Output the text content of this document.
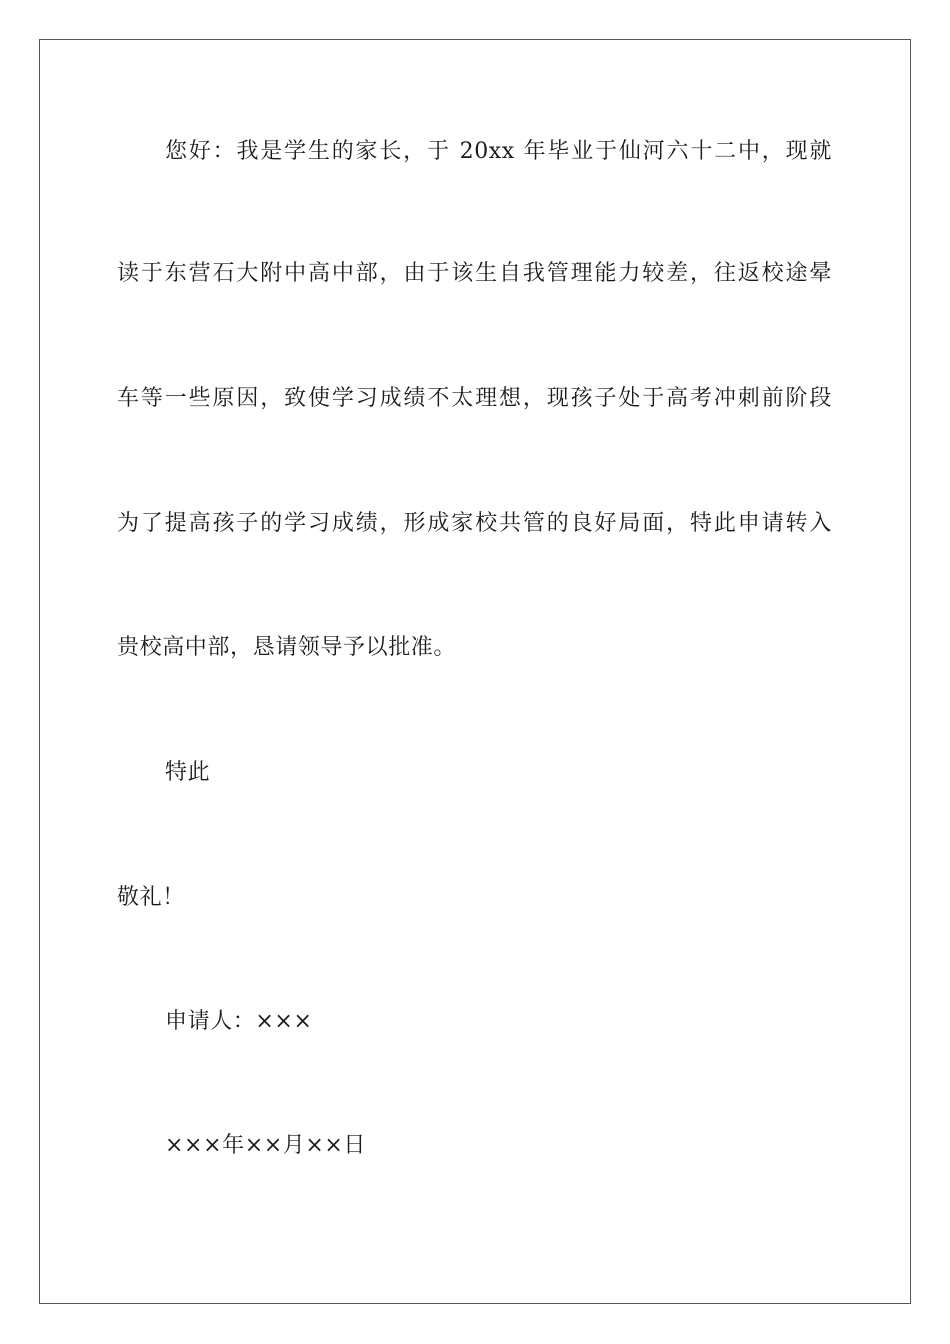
您好：我是学生的家长，于 20xx 年毕业于仙河六十二中，现就
读于东营石大附中高中部，由于该生自我管理能力较差，往返校途晕
车等一些原因，致使学习成绩不太理想，现孩子处于高考冲刺前阶段
为了提高孩子的学习成绩，形成家校共管的良好局面，特此申请转入
贵校高中部，恳请领导予以批准。
特此
敬礼！
申请人：×××
×××年××月××日
